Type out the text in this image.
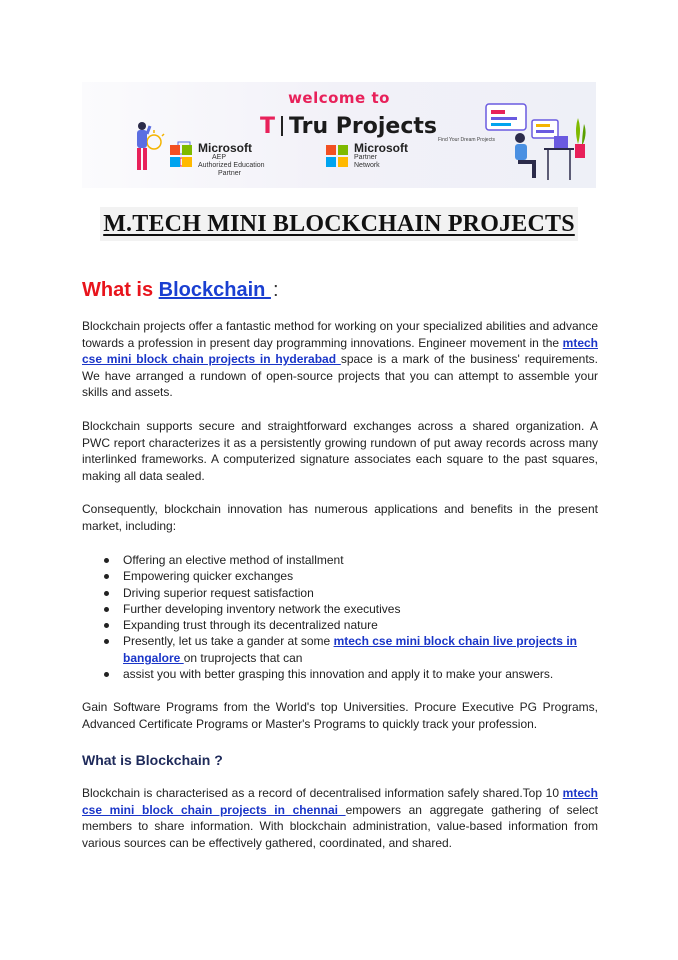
welcome to
T Tru Projects
Find Your Dream Projects
Microsoft
AEP
Authorized Education
Partner
Microsoft
Partner
Network
M.TECH MINI BLOCKCHAIN PROJECTS
What is Blockchain :
Blockchain projects offer a fantastic method for working on your specialized abilities and advance towards a profession in present day programming innovations. Engineer movement in the mtech cse mini block chain projects in hyderabad space is a mark of the business' requirements. We have arranged a rundown of open-source projects that you can attempt to assemble your skills and assets.
Blockchain supports secure and straightforward exchanges across a shared organization. A PWC report characterizes it as a persistently growing rundown of put away records across many interlinked frameworks. A computerized signature associates each square to the past squares, making all data sealed.
Consequently, blockchain innovation has numerous applications and benefits in the present market, including:
Offering an elective method of installment
Empowering quicker exchanges
Driving superior request satisfaction
Further developing inventory network the executives
Expanding trust through its decentralized nature
Presently, let us take a gander at some mtech cse mini block chain live projects in bangalore on truprojects that can
assist you with better grasping this innovation and apply it to make your answers.
Gain Software Programs from the World's top Universities. Procure Executive PG Programs, Advanced Certificate Programs or Master's Programs to quickly track your profession.
What is Blockchain ?
Blockchain is characterised as a record of decentralised information safely shared.Top 10 mtech cse mini block chain projects in chennai empowers an aggregate gathering of select members to share information. With blockchain administration, value-based information from various sources can be effectively gathered, coordinated, and shared.
